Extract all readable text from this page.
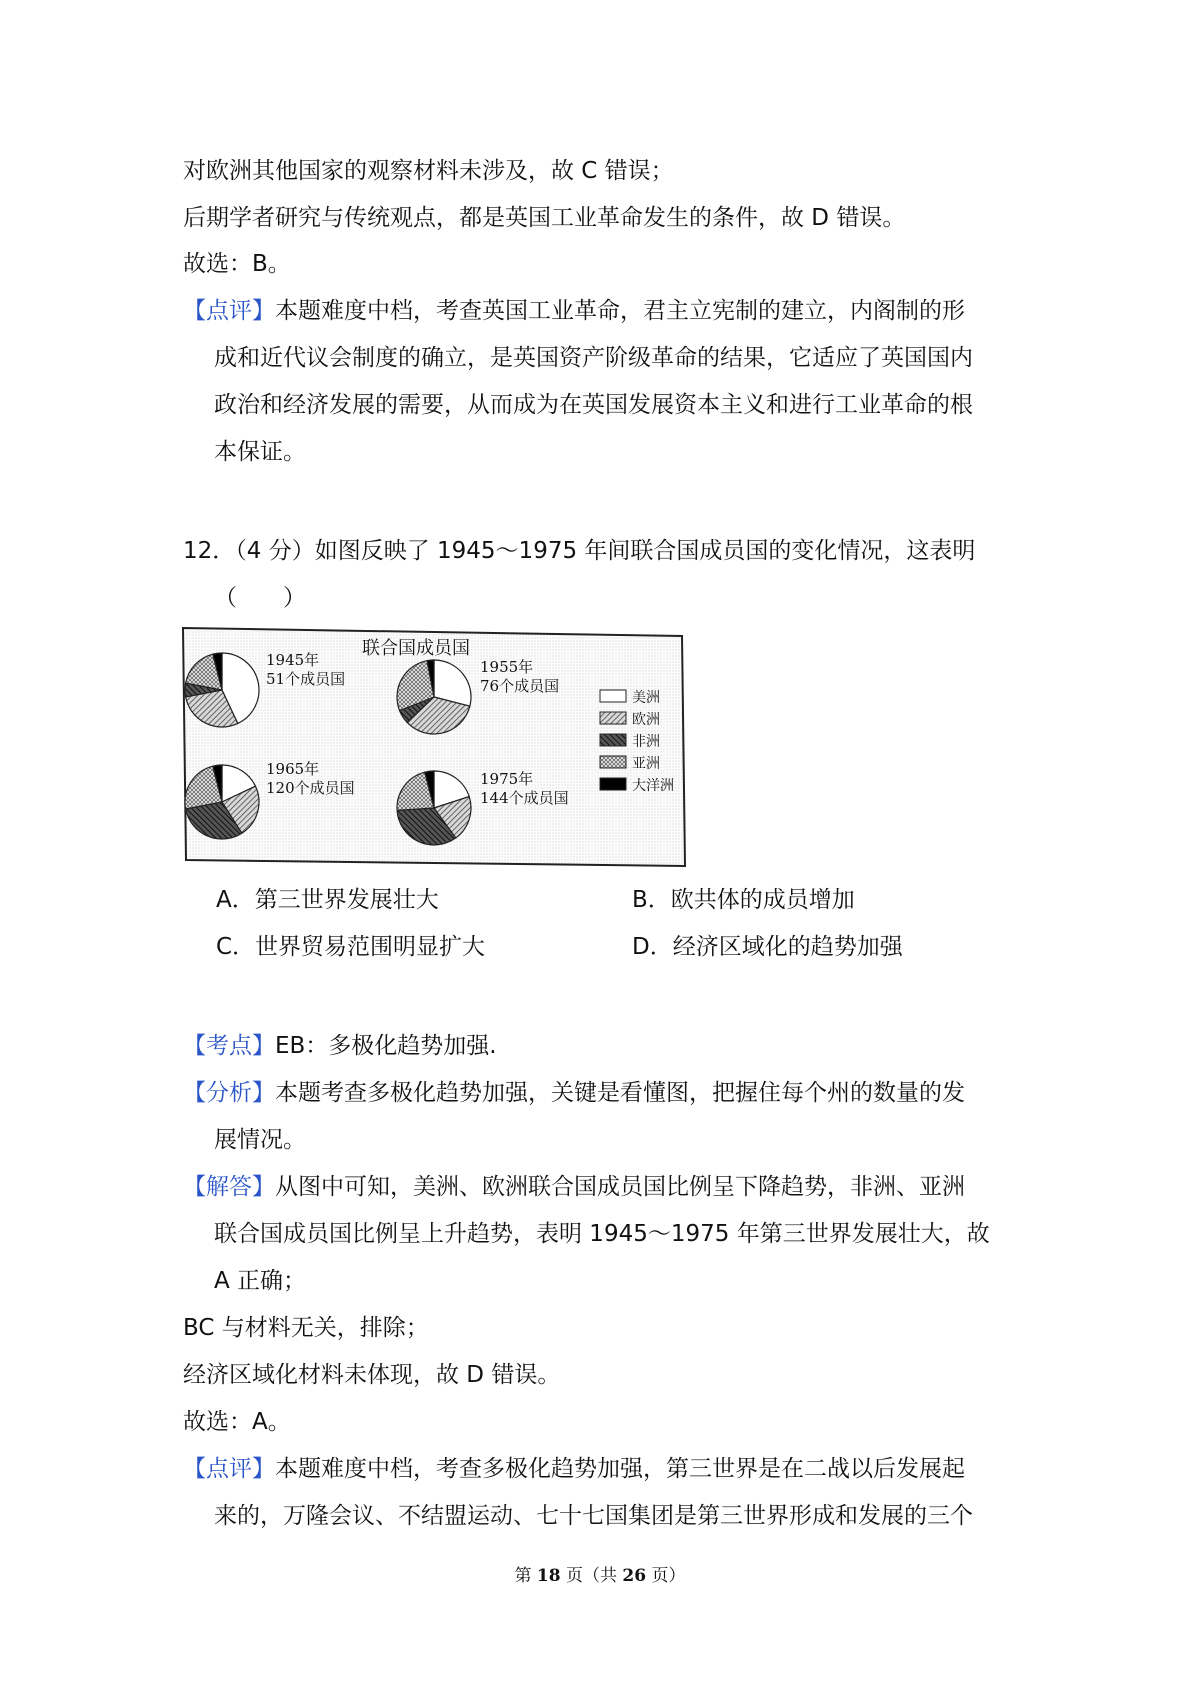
对欧洲其他国家的观察材料未涉及，故 C 错误；
后期学者研究与传统观点，都是英国工业革命发生的条件，故 D 错误。
故选：B。
【点评】本题难度中档，考查英国工业革命，君主立宪制的建立，内阁制的形
成和近代议会制度的确立，是英国资产阶级革命的结果，它适应了英国国内
政治和经济发展的需要，从而成为在英国发展资本主义和进行工业革命的根
本保证。
12．（4 分）如图反映了 1945～1975 年间联合国成员国的变化情况，这表明
（　　）
联合国成员国
1945年
51个成员国
1955年
76个成员国
1965年
120个成员国	1975年
144个成员国
美洲
欧洲
非洲
亚洲
大洋洲
A．第三世界发展壮大	B．欧共体的成员增加
C．世界贸易范围明显扩大	D．经济区域化的趋势加强
【考点】EB：多极化趋势加强.
【分析】本题考查多极化趋势加强，关键是看懂图，把握住每个州的数量的发
展情况。
【解答】从图中可知，美洲、欧洲联合国成员国比例呈下降趋势，非洲、亚洲
联合国成员国比例呈上升趋势，表明 1945～1975 年第三世界发展壮大，故
A 正确；
BC 与材料无关，排除；
经济区域化材料未体现，故 D 错误。
故选：A。
【点评】本题难度中档，考查多极化趋势加强，第三世界是在二战以后发展起
来的，万隆会议、不结盟运动、七十七国集团是第三世界形成和发展的三个
第 18 页（共 26 页）
